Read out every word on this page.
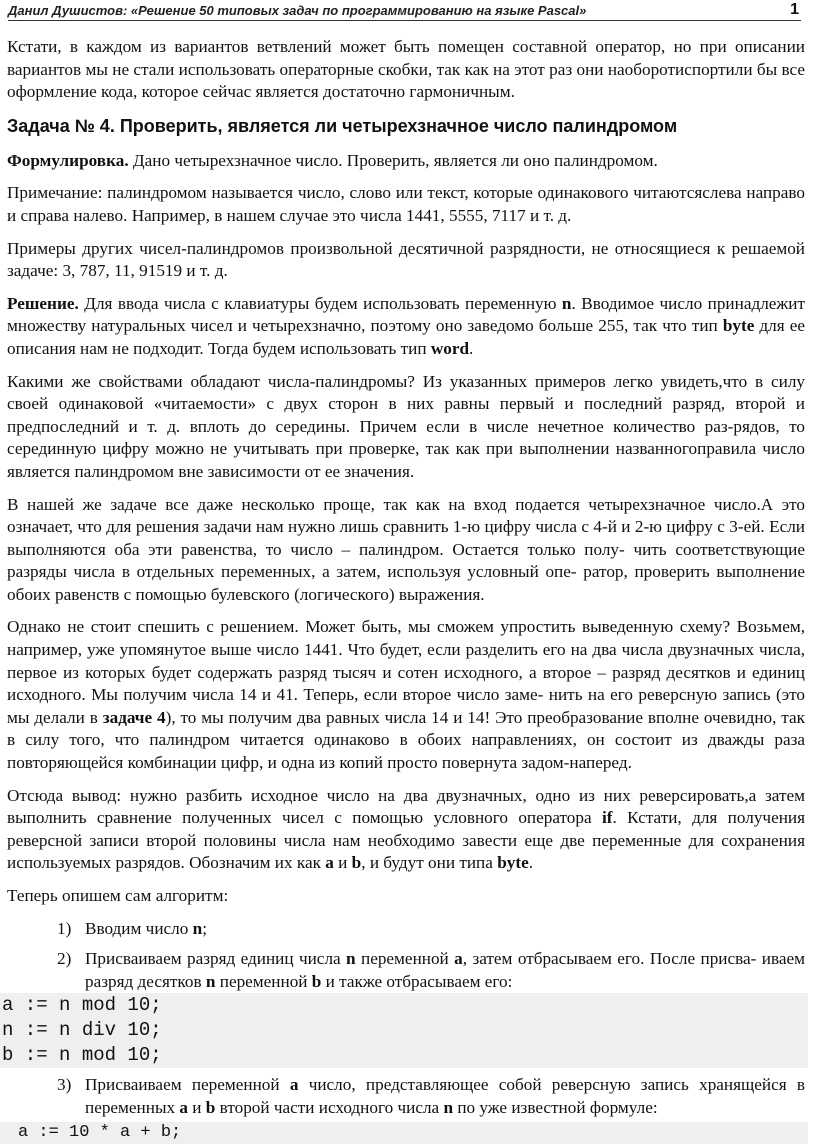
Данил Душистов: «Решение 50 типовых задач по программированию на языке Pascal»	1

Кстати, в каждом из вариантов ветвлений может быть помещен составной оператор, но при описании вариантов мы не стали использовать операторные скобки, так как на этот раз они наоборотиспортили бы все оформление кода, которое сейчас является достаточно гармоничным.

Задача № 4. Проверить, является ли четырехзначное число палиндромом

Формулировка. Дано четырехзначное число. Проверить, является ли оно палиндромом.

Примечание: палиндромом называется число, слово или текст, которые одинакового читаютсяслева направо и справа налево. Например, в нашем случае это числа 1441, 5555, 7117 и т. д.

Примеры других чисел-палиндромов произвольной десятичной разрядности, не относящиеся к решаемой задаче: 3, 787, 11, 91519 и т. д.

Решение. Для ввода числа с клавиатуры будем использовать переменную n. Вводимое число принадлежит множеству натуральных чисел и четырехзначно, поэтому оно заведомо больше 255, так что тип byte для ее описания нам не подходит. Тогда будем использовать тип word.

Какими же свойствами обладают числа-палиндромы? Из указанных примеров легко увидеть,что в силу своей одинаковой «читаемости» с двух сторон в них равны первый и последний разряд, второй и предпоследний и т. д. вплоть до середины. Причем если в числе нечетное количество раз-рядов, то серединную цифру можно не учитывать при проверке, так как при выполнении названногоправила число является палиндромом вне зависимости от ее значения.

В нашей же задаче все даже несколько проще, так как на вход подается четырехзначное число.А это означает, что для решения задачи нам нужно лишь сравнить 1-ю цифру числа с 4-й и 2-ю цифру с 3-ей. Если выполняются оба эти равенства, то число – палиндром. Остается только полу- чить соответствующие разряды числа в отдельных переменных, а затем, используя условный опе- ратор, проверить выполнение обоих равенств с помощью булевского (логического) выражения.

Однако не стоит спешить с решением. Может быть, мы сможем упростить выведенную схему? Возьмем, например, уже упомянутое выше число 1441. Что будет, если разделить его на два числа двузначных числа, первое из которых будет содержать разряд тысяч и сотен исходного, а второе – разряд десятков и единиц исходного. Мы получим числа 14 и 41. Теперь, если второе число заме- нить на его реверсную запись (это мы делали в задаче 4), то мы получим два равных числа 14 и 14! Это преобразование вполне очевидно, так в силу того, что палиндром читается одинаково в обоих направлениях, он состоит из дважды раза повторяющейся комбинации цифр, и одна из копий просто повернута задом-наперед.

Отсюда вывод: нужно разбить исходное число на два двузначных, одно из них реверсировать,а затем выполнить сравнение полученных чисел с помощью условного оператора if. Кстати, для получения реверсной записи второй половины числа нам необходимо завести еще две переменные для сохранения используемых разрядов. Обозначим их как a и b, и будут они типа byte.

Теперь опишем сам алгоритм:

1) Вводим число n;
2) Присваиваем разряд единиц числа n переменной a, затем отбрасываем его. После присва- иваем разряд десятков n переменной b и также отбрасываем его:
a := n mod 10;
n := n div 10;
b := n mod 10;
3) Присваиваем переменной a число, представляющее собой реверсную запись хранящейся в переменных a и b второй части исходного числа n по уже известной формуле:
a := 10 * a + b;
